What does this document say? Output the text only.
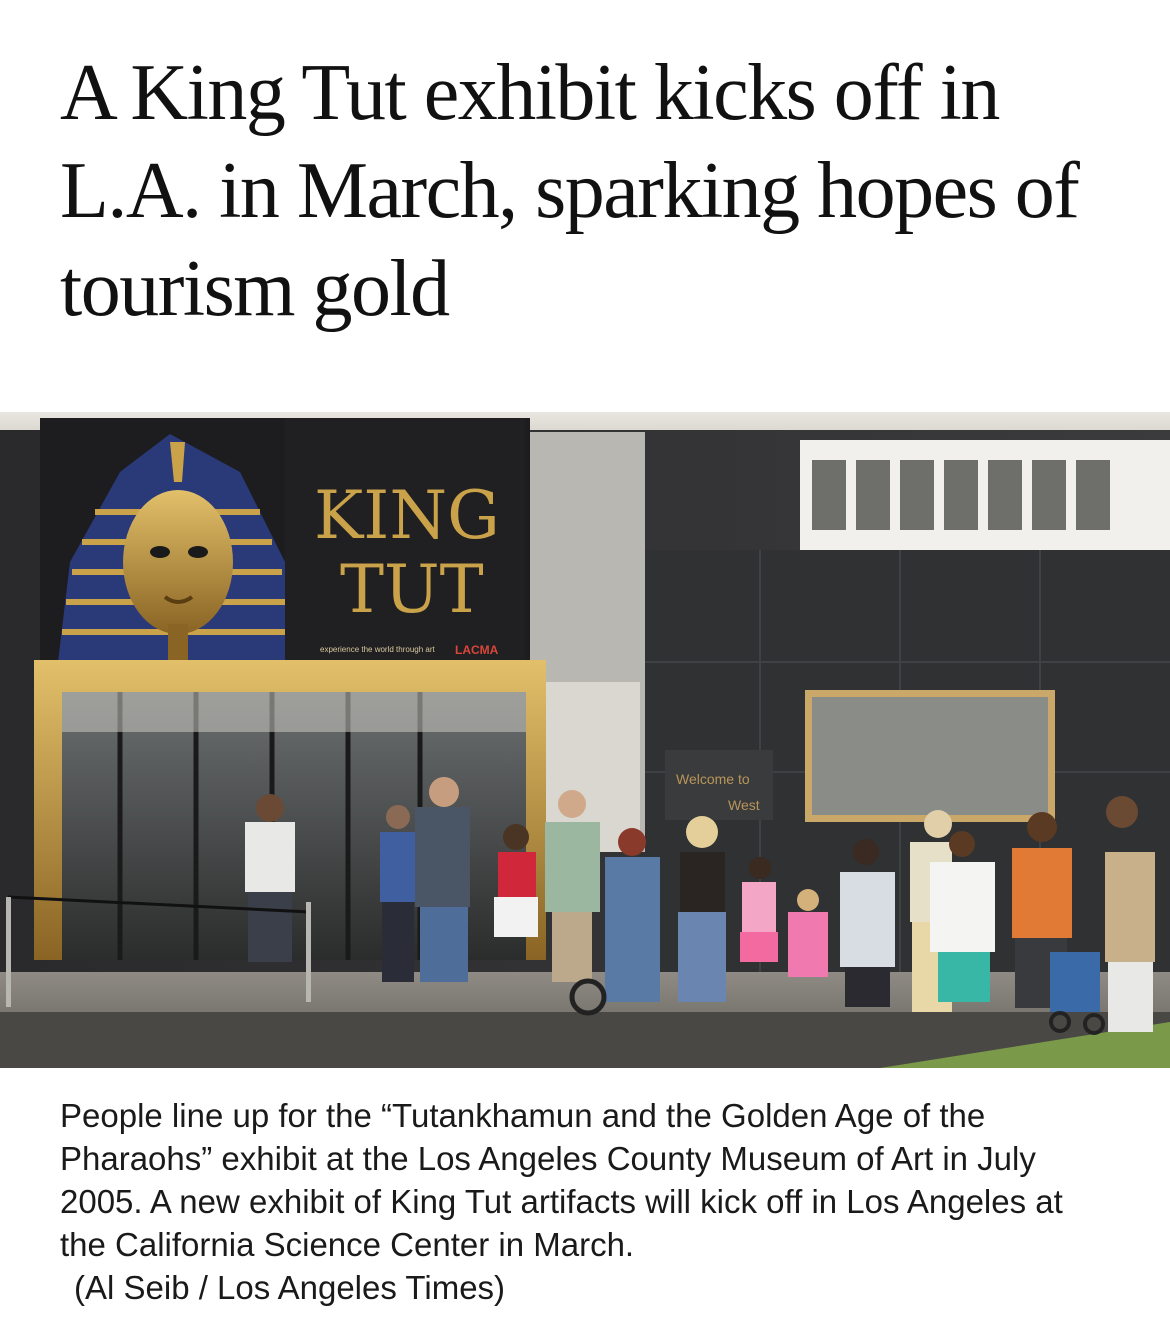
A King Tut exhibit kicks off in L.A. in March, sparking hopes of tourism gold
KING
TUT
experience the world through art LACMA
Welcome to
West

People line up for the “Tutankhamun and the Golden Age of the Pharaohs” exhibit at the Los Angeles County Museum of Art in July 2005. A new exhibit of King Tut artifacts will kick off in Los Angeles at the California Science Center in March.
(Al Seib / Los Angeles Times)
